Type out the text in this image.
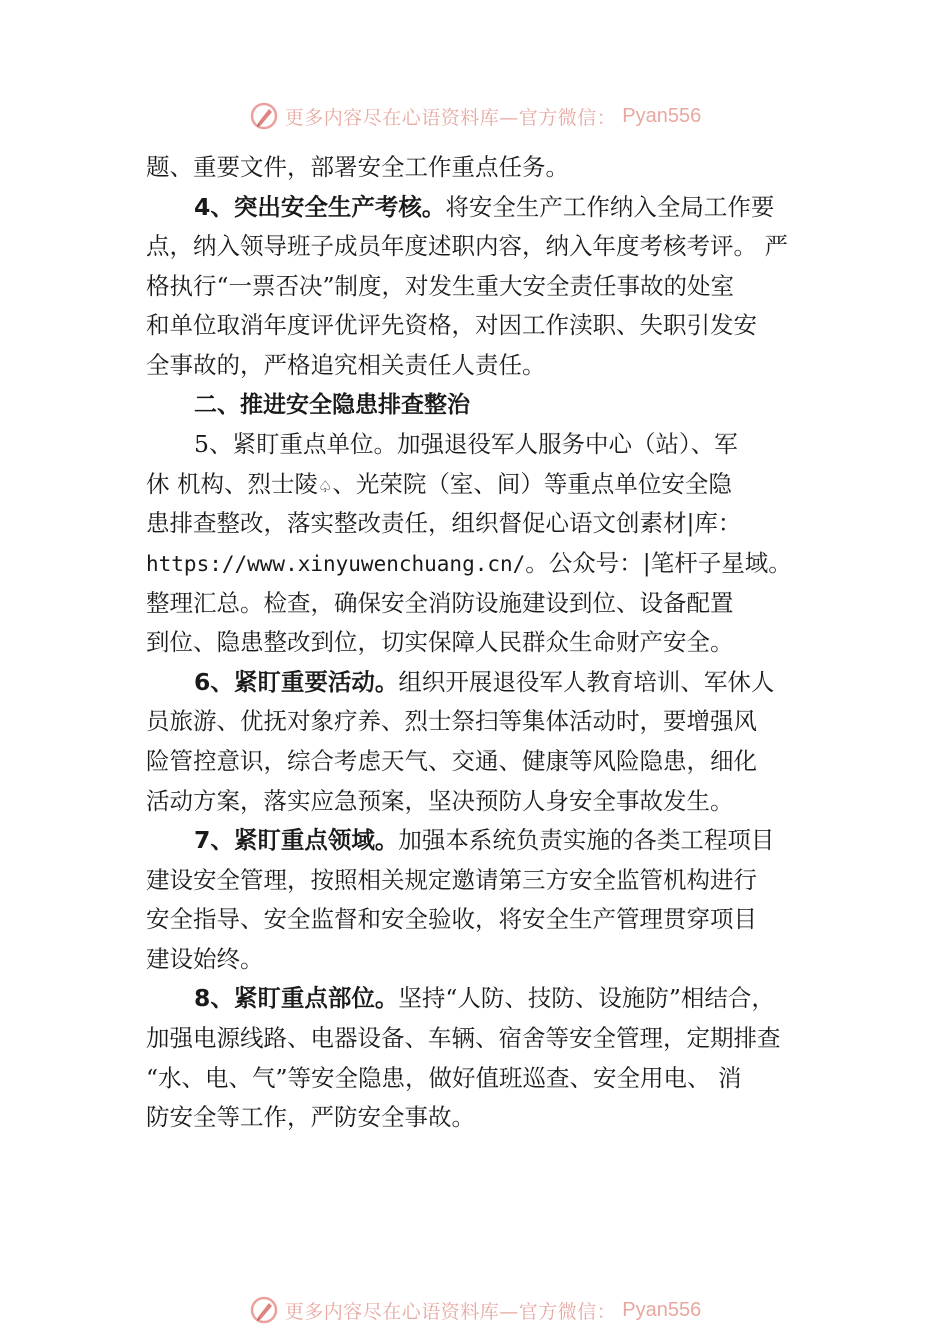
更多内容尽在心语资料库—官方微信： Pyan556
题、重要文件，部署安全工作重点任务。
4、突出安全生产考核。将安全生产工作纳入全局工作要
点，纳入领导班子成员年度述职内容，纳入年度考核考评。 严
格执行“一票否决”制度，对发生重大安全责任事故的处室
和单位取消年度评优评先资格，对因工作渎职、失职引发安
全事故的，严格追究相关责任人责任。
二、推进安全隐患排查整治
5、紧盯重点单位。加强退役军人服务中心（站）、军
休 机构、烈士陵♤、光荣院（室、间）等重点单位安全隐
患排查整改，落实整改责任，组织督促心语文创素材|库：
https://www.xinyuwenchuang.cn/。公众号：|笔杆子星域。
整理汇总。检查，确保安全消防设施建设到位、设备配置
到位、隐患整改到位，切实保障人民群众生命财产安全。
6、紧盯重要活动。组织开展退役军人教育培训、军休人
员旅游、优抚对象疗养、烈士祭扫等集体活动时，要增强风
险管控意识，综合考虑天气、交通、健康等风险隐患，细化
活动方案，落实应急预案，坚决预防人身安全事故发生。
7、紧盯重点领域。加强本系统负责实施的各类工程项目
建设安全管理，按照相关规定邀请第三方安全监管机构进行
安全指导、安全监督和安全验收，将安全生产管理贯穿项目
建设始终。
8、紧盯重点部位。坚持“人防、技防、设施防”相结合，
加强电源线路、电器设备、车辆、宿舍等安全管理，定期排查
“水、电、气”等安全隐患，做好值班巡查、安全用电、 消
防安全等工作，严防安全事故。
更多内容尽在心语资料库—官方微信： Pyan556
